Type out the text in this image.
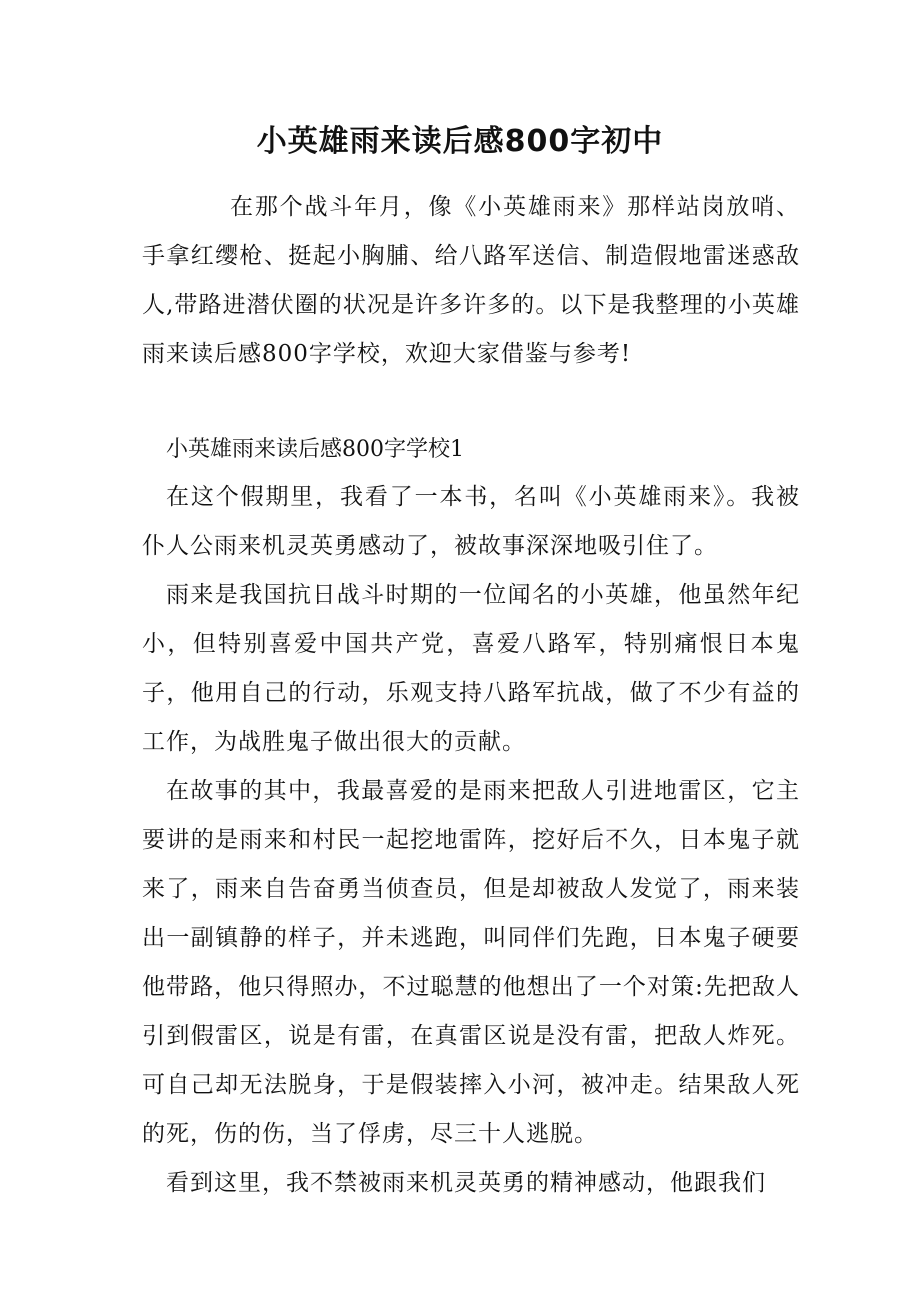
小英雄雨来读后感800字初中

在那个战斗年月，像《小英雄雨来》那样站岗放哨、手拿红缨枪、挺起小胸脯、给八路军送信、制造假地雷迷惑敌人,带路进潜伏圈的状况是许多许多的。以下是我整理的小英雄雨来读后感800字学校，欢迎大家借鉴与参考!

小英雄雨来读后感800字学校1

在这个假期里，我看了一本书，名叫《小英雄雨来》。我被仆人公雨来机灵英勇感动了，被故事深深地吸引住了。

雨来是我国抗日战斗时期的一位闻名的小英雄，他虽然年纪小，但特别喜爱中国共产党，喜爱八路军，特别痛恨日本鬼子，他用自己的行动，乐观支持八路军抗战，做了不少有益的工作，为战胜鬼子做出很大的贡献。

在故事的其中，我最喜爱的是雨来把敌人引进地雷区，它主要讲的是雨来和村民一起挖地雷阵，挖好后不久，日本鬼子就来了，雨来自告奋勇当侦查员，但是却被敌人发觉了，雨来装出一副镇静的样子，并未逃跑，叫同伴们先跑，日本鬼子硬要他带路，他只得照办，不过聪慧的他想出了一个对策:先把敌人引到假雷区，说是有雷，在真雷区说是没有雷，把敌人炸死。可自己却无法脱身，于是假装摔入小河，被冲走。结果敌人死的死，伤的伤，当了俘虏，尽三十人逃脱。

看到这里，我不禁被雨来机灵英勇的精神感动，他跟我们
